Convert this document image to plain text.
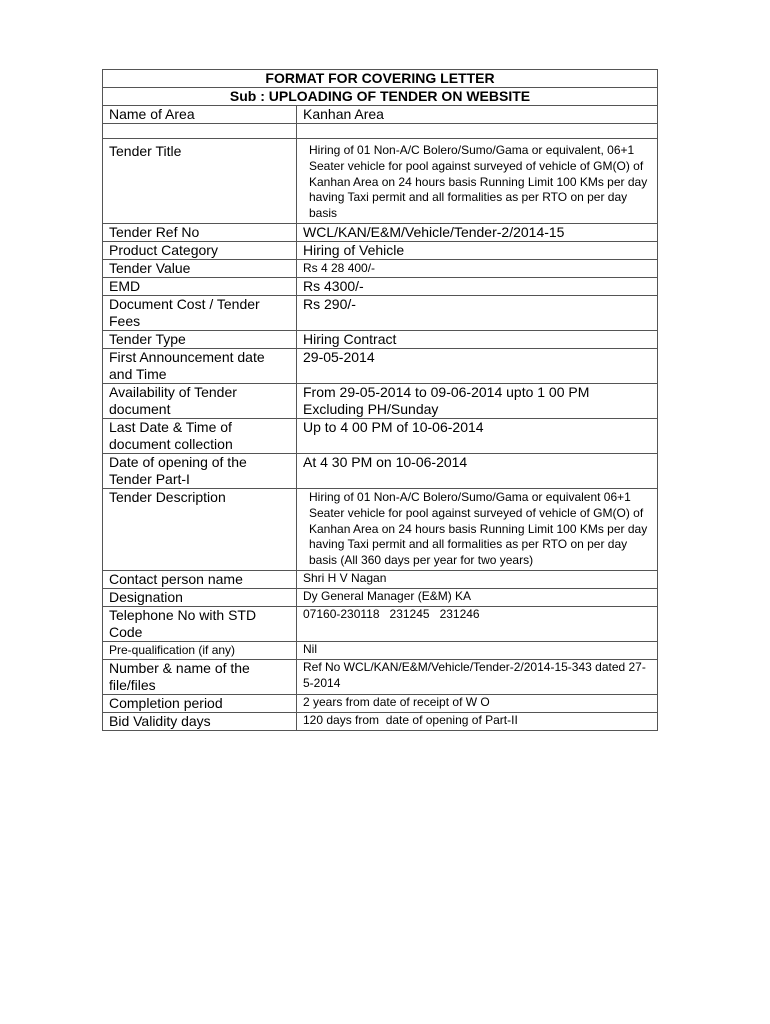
FORMAT FOR COVERING LETTER	
Sub : UPLOADING OF TENDER ON WEBSITE	
Name of Area	Kanhan Area

Tender Title	Hiring of 01 Non-A/C Bolero/Sumo/Gama or equivalent, 06+1 Seater vehicle for pool against surveyed of vehicle of GM(O) of Kanhan Area on 24 hours basis Running Limit 100 KMs per day having Taxi permit and all formalities as per RTO on per day basis
Tender Ref No	WCL/KAN/E&M/Vehicle/Tender-2/2014-15
Product Category	Hiring of Vehicle
Tender Value	Rs 4 28 400/-
EMD	Rs 4300/-
Document Cost / Tender Fees	Rs 290/-
Tender Type	Hiring Contract
First Announcement date and Time	29-05-2014
Availability of Tender document	From 29-05-2014 to 09-06-2014 upto 1 00 PM Excluding PH/Sunday
Last Date & Time of document collection	Up to 4 00 PM of 10-06-2014
Date of opening of the Tender Part-I	At 4 30 PM on 10-06-2014
Tender Description	Hiring of 01 Non-A/C Bolero/Sumo/Gama or equivalent 06+1 Seater vehicle for pool against surveyed of vehicle of GM(O) of Kanhan Area on 24 hours basis Running Limit 100 KMs per day having Taxi permit and all formalities as per RTO on per day basis (All 360 days per year for two years)
Contact person name	Shri H V Nagan
Designation	Dy General Manager (E&M) KA
Telephone No with STD Code	07160-230118   231245   231246
Pre-qualification (if any)	Nil
Number & name of the file/files	Ref No WCL/KAN/E&M/Vehicle/Tender-2/2014-15-343 dated 27-5-2014
Completion period	2 years from date of receipt of W O
Bid Validity days	120 days from  date of opening of Part-II
